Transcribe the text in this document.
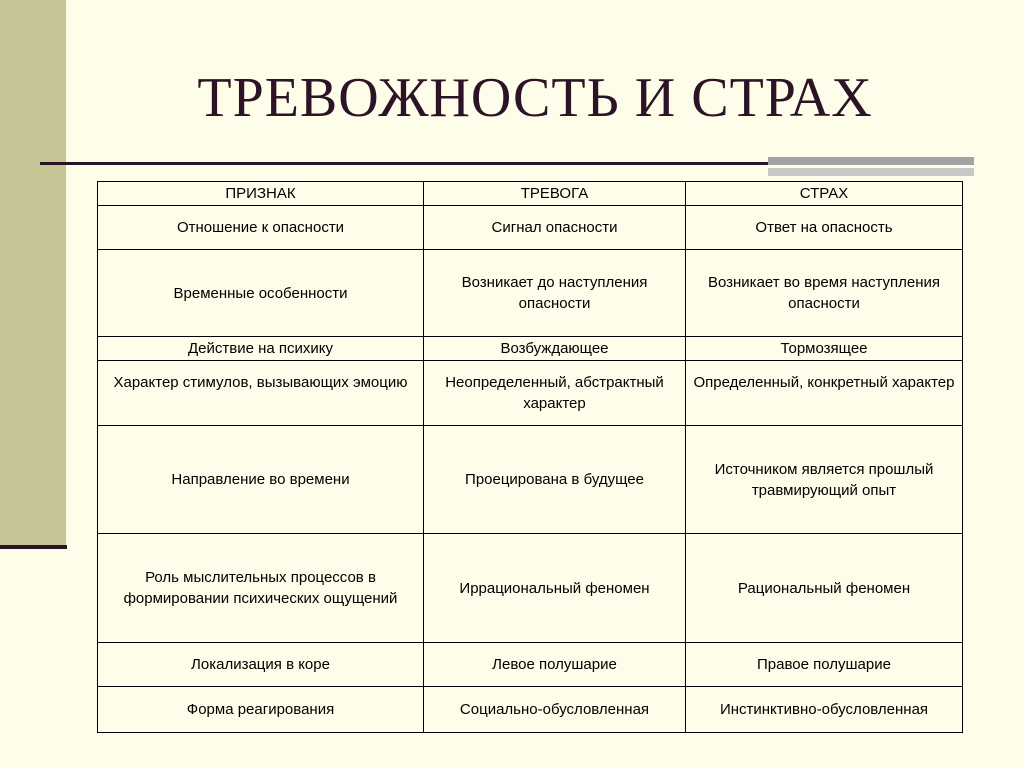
ТРЕВОЖНОСТЬ И СТРАХ
ПРИЗНАК	ТРЕВОГА	СТРАХ
Отношение к опасности	Сигнал опасности	Ответ на опасность
Временные особенности	Возникает до наступления опасности	Возникает во время наступления опасности
Действие на психику	Возбуждающее	Тормозящее
Характер стимулов, вызывающих эмоцию	Неопределенный, абстрактный характер	Определенный, конкретный характер
Направление во времени	Проецирована в будущее	Источником является прошлый травмирующий опыт
Роль мыслительных процессов в формировании психических ощущений	Иррациональный феномен	Рациональный феномен
Локализация в коре	Левое полушарие	Правое полушарие
Форма реагирования	Социально-обусловленная	Инстинктивно-обусловленная
